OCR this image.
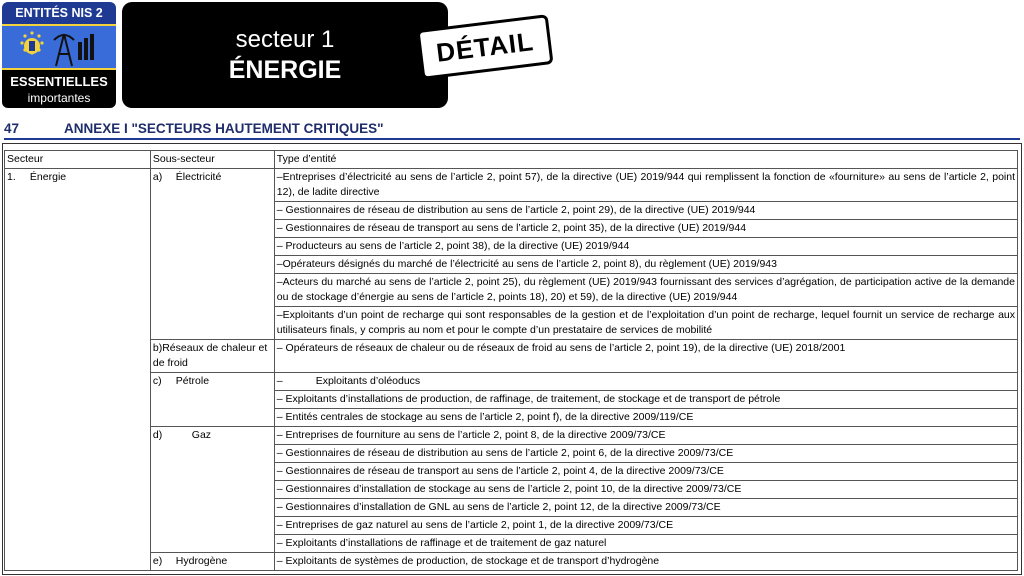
ENTITÉS NIS 2
ESSENTIELLES
importantes
secteur 1
ÉNERGIE
DÉTAIL
47	ANNEXE I "SECTEURS HAUTEMENT CRITIQUES"
Secteur	Sous-secteur	Type d’entité
1. Énergie	a) Électricité	–Entreprises d’électricité au sens de l’article 2, point 57), de la directive (UE) 2019/944 qui remplissent la fonction de «fourniture» au sens de l’article 2, point 12), de ladite directive
		– Gestionnaires de réseau de distribution au sens de l’article 2, point 29), de la directive (UE) 2019/944
		– Gestionnaires de réseau de transport au sens de l’article 2, point 35), de la directive (UE) 2019/944
		– Producteurs au sens de l’article 2, point 38), de la directive (UE) 2019/944
		–Opérateurs désignés du marché de l’électricité au sens de l’article 2, point 8), du règlement (UE) 2019/943
		–Acteurs du marché au sens de l’article 2, point 25), du règlement (UE) 2019/943 fournissant des services d’agrégation, de participation active de la demande ou de stockage d’énergie au sens de l’article 2, points 18), 20) et 59), de la directive (UE) 2019/944
		–Exploitants d’un point de recharge qui sont responsables de la gestion et de l’exploitation d’un point de recharge, lequel fournit un service de recharge aux utilisateurs finals, y compris au nom et pour le compte d’un prestataire de services de mobilité
	b)Réseaux de chaleur et de froid	– Opérateurs de réseaux de chaleur ou de réseaux de froid au sens de l’article 2, point 19), de la directive (UE) 2018/2001
	c) Pétrole	– Exploitants d’oléoducs
		– Exploitants d’installations de production, de raffinage, de traitement, de stockage et de transport de pétrole
		– Entités centrales de stockage au sens de l’article 2, point f), de la directive 2009/119/CE
	d) Gaz	– Entreprises de fourniture au sens de l’article 2, point 8, de la directive 2009/73/CE
		– Gestionnaires de réseau de distribution au sens de l’article 2, point 6, de la directive 2009/73/CE
		– Gestionnaires de réseau de transport au sens de l’article 2, point 4, de la directive 2009/73/CE
		– Gestionnaires d’installation de stockage au sens de l’article 2, point 10, de la directive 2009/73/CE
		– Gestionnaires d’installation de GNL au sens de l’article 2, point 12, de la directive 2009/73/CE
		– Entreprises de gaz naturel au sens de l’article 2, point 1, de la directive 2009/73/CE
		– Exploitants d’installations de raffinage et de traitement de gaz naturel
	e) Hydrogène	– Exploitants de systèmes de production, de stockage et de transport d’hydrogène
